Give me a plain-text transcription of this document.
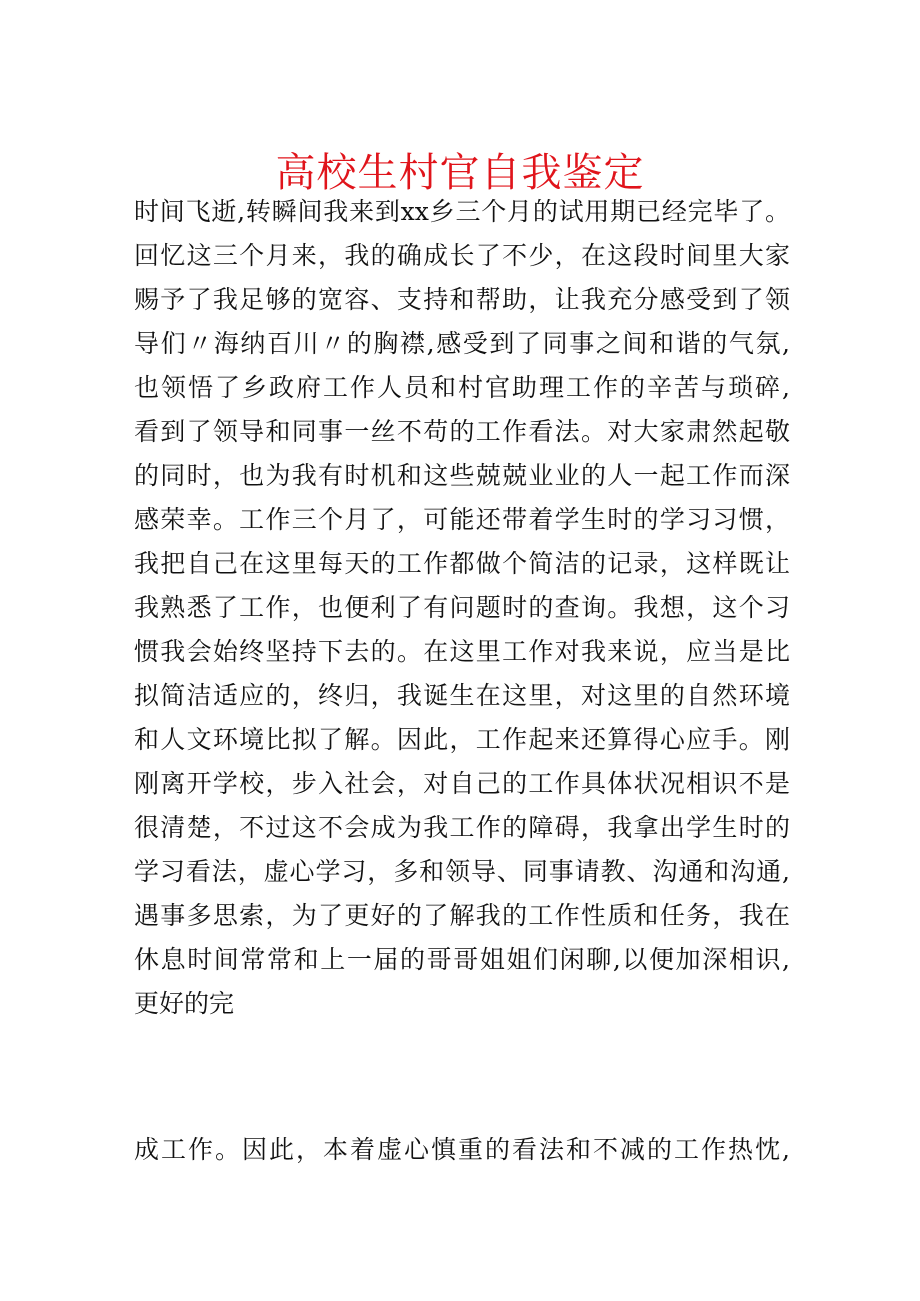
高校生村官自我鉴定
时间飞逝,转瞬间我来到xx乡三个月的试用期已经完毕了。
回忆这三个月来，我的确成长了不少，在这段时间里大家
赐予了我足够的宽容、支持和帮助，让我充分感受到了领
导们〃海纳百川〃的胸襟,感受到了同事之间和谐的气氛,
也领悟了乡政府工作人员和村官助理工作的辛苦与琐碎,
看到了领导和同事一丝不苟的工作看法。对大家肃然起敬
的同时，也为我有时机和这些兢兢业业的人一起工作而深
感荣幸。工作三个月了，可能还带着学生时的学习习惯，
我把自己在这里每天的工作都做个简洁的记录，这样既让
我熟悉了工作，也便利了有问题时的查询。我想，这个习
惯我会始终坚持下去的。在这里工作对我来说，应当是比
拟简洁适应的，终归，我诞生在这里，对这里的自然环境
和人文环境比拟了解。因此，工作起来还算得心应手。刚
刚离开学校，步入社会，对自己的工作具体状况相识不是
很清楚，不过这不会成为我工作的障碍，我拿出学生时的
学习看法，虚心学习，多和领导、同事请教、沟通和沟通,
遇事多思索，为了更好的了解我的工作性质和任务，我在
休息时间常常和上一届的哥哥姐姐们闲聊,以便加深相识,
更好的完
成工作。因此，本着虚心慎重的看法和不减的工作热忱,
